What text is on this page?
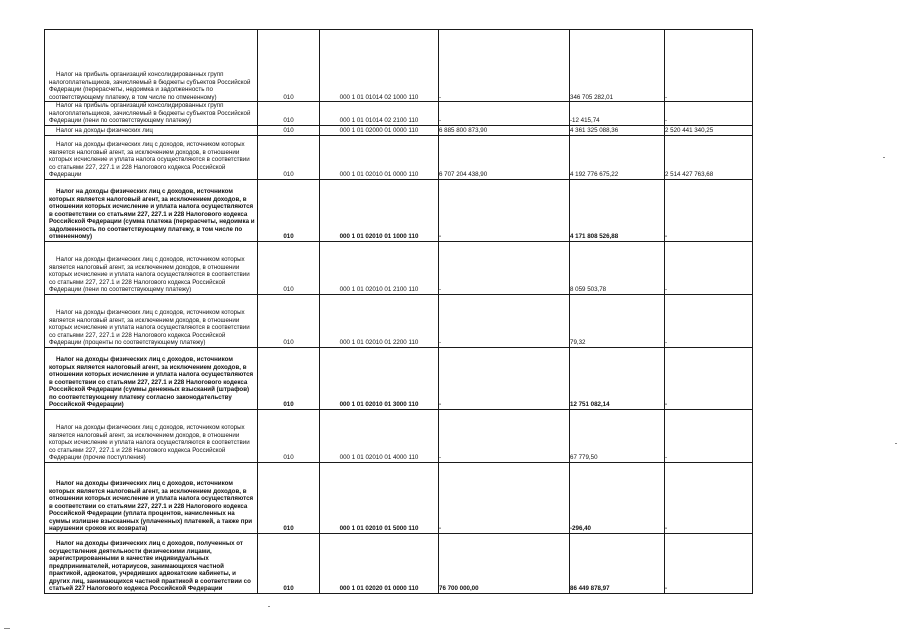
Налог на прибыль организаций консолидированных групп налогоплательщиков, зачисляемый в бюджеты субъектов Российской Федерации (перерасчеты, недоимка и задолженность по соответствующему платежу, в том числе по отмененному)	010	000 1 01 01014 02 1000 110	-	346 705 282,01	-

Налог на прибыль организаций консолидированных групп налогоплательщиков, зачисляемый в бюджеты субъектов Российской Федерации (пени по соответствующему платежу)	010	000 1 01 01014 02 2100 110	-	-12 415,74	-

Налог на доходы физических лиц	010	000 1 01 02000 01 0000 110	6 885 800 873,90	4 361 325 088,36	2 520 441 340,25

Налог на доходы физических лиц с доходов, источником которых является налоговый агент, за исключением доходов, в отношении которых исчисление и уплата налога осуществляются в соответствии со статьями 227, 227.1 и 228 Налогового кодекса Российской Федерации	010	000 1 01 02010 01 0000 110	6 707 204 438,90	4 192 776 675,22	2 514 427 763,68

Налог на доходы физических лиц с доходов, источником которых является налоговый агент, за исключением доходов, в отношении которых исчисление и уплата налога осуществляются в соответствии со статьями 227, 227.1 и 228 Налогового кодекса Российской Федерации (сумма платежа (перерасчеты, недоимка и задолженность по соответствующему платежу, в том числе по отмененному)	010	000 1 01 02010 01 1000 110	-	4 171 808 526,88	-

Налог на доходы физических лиц с доходов, источником которых является налоговый агент, за исключением доходов, в отношении которых исчисление и уплата налога осуществляются в соответствии со статьями 227, 227.1 и 228 Налогового кодекса Российской Федерации (пени по соответствующему платежу)	010	000 1 01 02010 01 2100 110	-	8 059 503,78	-

Налог на доходы физических лиц с доходов, источником которых является налоговый агент, за исключением доходов, в отношении которых исчисление и уплата налога осуществляются в соответствии со статьями 227, 227.1 и 228 Налогового кодекса Российской Федерации (проценты по соответствующему платежу)	010	000 1 01 02010 01 2200 110	-	79,32	-

Налог на доходы физических лиц с доходов, источником которых является налоговый агент, за исключением доходов, в отношении которых исчисление и уплата налога осуществляются в соответствии со статьями 227, 227.1 и 228 Налогового кодекса Российской Федерации (суммы денежных взысканий (штрафов) по соответствующему платежу согласно законодательству Российской Федерации)	010	000 1 01 02010 01 3000 110	-	12 751 082,14	-

Налог на доходы физических лиц с доходов, источником которых является налоговый агент, за исключением доходов, в отношении которых исчисление и уплата налога осуществляются в соответствии со статьями 227, 227.1 и 228 Налогового кодекса Российской Федерации (прочие поступления)	010	000 1 01 02010 01 4000 110	-	67 779,50	-

Налог на доходы физических лиц с доходов, источником которых является налоговый агент, за исключением доходов, в отношении которых исчисление и уплата налога осуществляются в соответствии со статьями 227, 227.1 и 228 Налогового кодекса Российской Федерации (уплата процентов, начисленных на суммы излишне взысканных (уплаченных) платежей, а также при нарушении сроков их возврата)	010	000 1 01 02010 01 5000 110	-	-296,40	-

Налог на доходы физических лиц с доходов, полученных от осуществления деятельности физическими лицами, зарегистрированными в качестве индивидуальных предпринимателей, нотариусов, занимающихся частной практикой, адвокатов, учредивших адвокатские кабинеты, и других лиц, занимающихся частной практикой в соответствии со статьей 227 Налогового кодекса Российской Федерации	010	000 1 01 02020 01 0000 110	76 700 000,00	86 449 878,97	-
